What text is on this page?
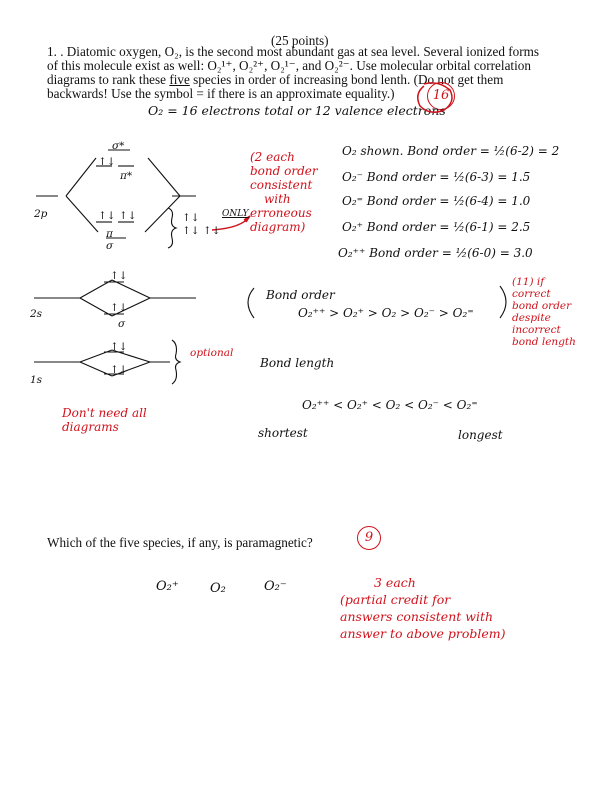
(25 points)
1. . Diatomic oxygen, O₂, is the second most abundant gas at sea level. Several ionized forms
of this molecule exist as well: O₂¹⁺, O₂²⁺, O₂¹⁻, and O₂²⁻. Use molecular orbital correlation
diagrams to rank these five species in order of increasing bond lenth. (Do not get them
backwards! Use the symbol = if there is an approximate equality.)	16
O₂ = 16 electrons total or 12 valence electrons
σ*
↑↓
π*
2p	↑↓ ↑↓
π
σ
↑↓
↑↓ ↑↓
ONLY
2s
↑↓
↑↓
σ
1s
↑↓
↑↓
(2 each
bond order
consistent
with
erroneous
diagram)
O₂ shown. Bond order = ½(6-2) = 2
O₂⁻ Bond order = ½(6-3) = 1.5
O₂⁼ Bond order = ½(6-4) = 1.0
O₂⁺ Bond order = ½(6-1) = 2.5
O₂⁺⁺ Bond order = ½(6-0) = 3.0
Bond order
O₂⁺⁺ > O₂⁺ > O₂ > O₂⁻ > O₂⁼
(11) if
correct
bond order
despite
incorrect
bond length
optional
Bond length
O₂⁺⁺ < O₂⁺ < O₂ < O₂⁻ < O₂⁼
shortest	longest
Don't need all
diagrams
Which of the five species, if any, is paramagnetic?	9
O₂⁺ O₂	O₂⁻	3 each
(partial credit for
answers consistent with
answer to above problem)
